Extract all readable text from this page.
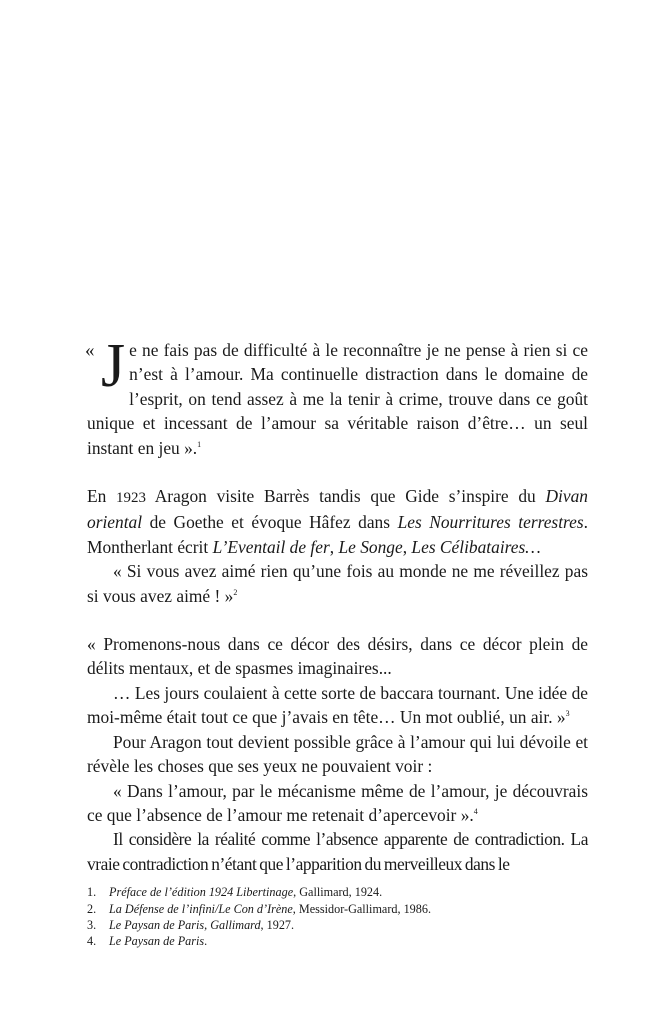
« Je ne fais pas de difficulté à le reconnaître je ne pense à rien si ce n’est à l’amour. Ma continuelle distraction dans le domaine de l’esprit, on tend assez à me la tenir à crime, trouve dans ce goût unique et incessant de l’amour sa véritable raison d’être… un seul instant en jeu ».$^1$

En 1923 Aragon visite Barrès tandis que Gide s’inspire du Divan oriental de Goethe et évoque Hâfez dans Les Nourritures terrestres. Montherlant écrit L’Eventail de fer, Le Songe, Les Célibataires…

« Si vous avez aimé rien qu’une fois au monde ne me réveillez pas si vous avez aimé ! »$^2$

« Promenons-nous dans ce décor des désirs, dans ce décor plein de délits mentaux, et de spasmes imaginaires...

… Les jours coulaient à cette sorte de baccara tournant. Une idée de moi-même était tout ce que j’avais en tête… Un mot oublié, un air. »$^3$

Pour Aragon tout devient possible grâce à l’amour qui lui dévoile et révèle les choses que ses yeux ne pouvaient voir :

« Dans l’amour, par le mécanisme même de l’amour, je découvrais ce que l’absence de l’amour me retenait d’apercevoir ».$^4$

Il considère la réalité comme l’absence apparente de contradiction. La vraie contradiction n’étant que l’apparition du merveilleux dans le

1.	Préface de l’édition 1924 Libertinage, Gallimard, 1924.
2.	La Défense de l’infini/Le Con d’Irène, Messidor-Gallimard, 1986.
3.	Le Paysan de Paris, Gallimard, 1927.
4.	Le Paysan de Paris.
